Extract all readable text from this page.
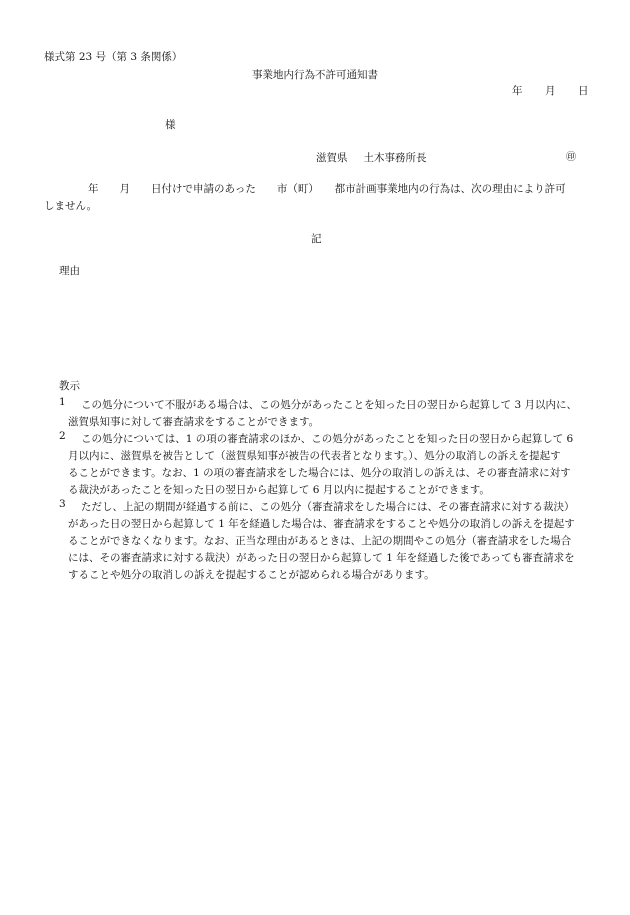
様式第 23 号（第 3 条関係）
事業地内行為不許可通知書
年 月 日
様
滋賀県 土木事務所長	㊞
年　　月　　日付けで申請のあった　　市（町）　　都市計画事業地内の行為は、次の理由により許可
しません。
記
理由
教示
1	この処分について不服がある場合は、この処分があったことを知った日の翌日から起算して 3 月以内に、
滋賀県知事に対して審査請求をすることができます。
2	この処分については、1 の項の審査請求のほか、この処分があったことを知った日の翌日から起算して 6
月以内に、滋賀県を被告として（滋賀県知事が被告の代表者となります。）、処分の取消しの訴えを提起す
ることができます。なお、1 の項の審査請求をした場合には、処分の取消しの訴えは、その審査請求に対す
る裁決があったことを知った日の翌日から起算して 6 月以内に提起することができます。
3	ただし、上記の期間が経過する前に、この処分（審査請求をした場合には、その審査請求に対する裁決）
があった日の翌日から起算して 1 年を経過した場合は、審査請求をすることや処分の取消しの訴えを提起す
ることができなくなります。なお、正当な理由があるときは、上記の期間やこの処分（審査請求をした場合
には、その審査請求に対する裁決）があった日の翌日から起算して 1 年を経過した後であっても審査請求を
することや処分の取消しの訴えを提起することが認められる場合があります。
